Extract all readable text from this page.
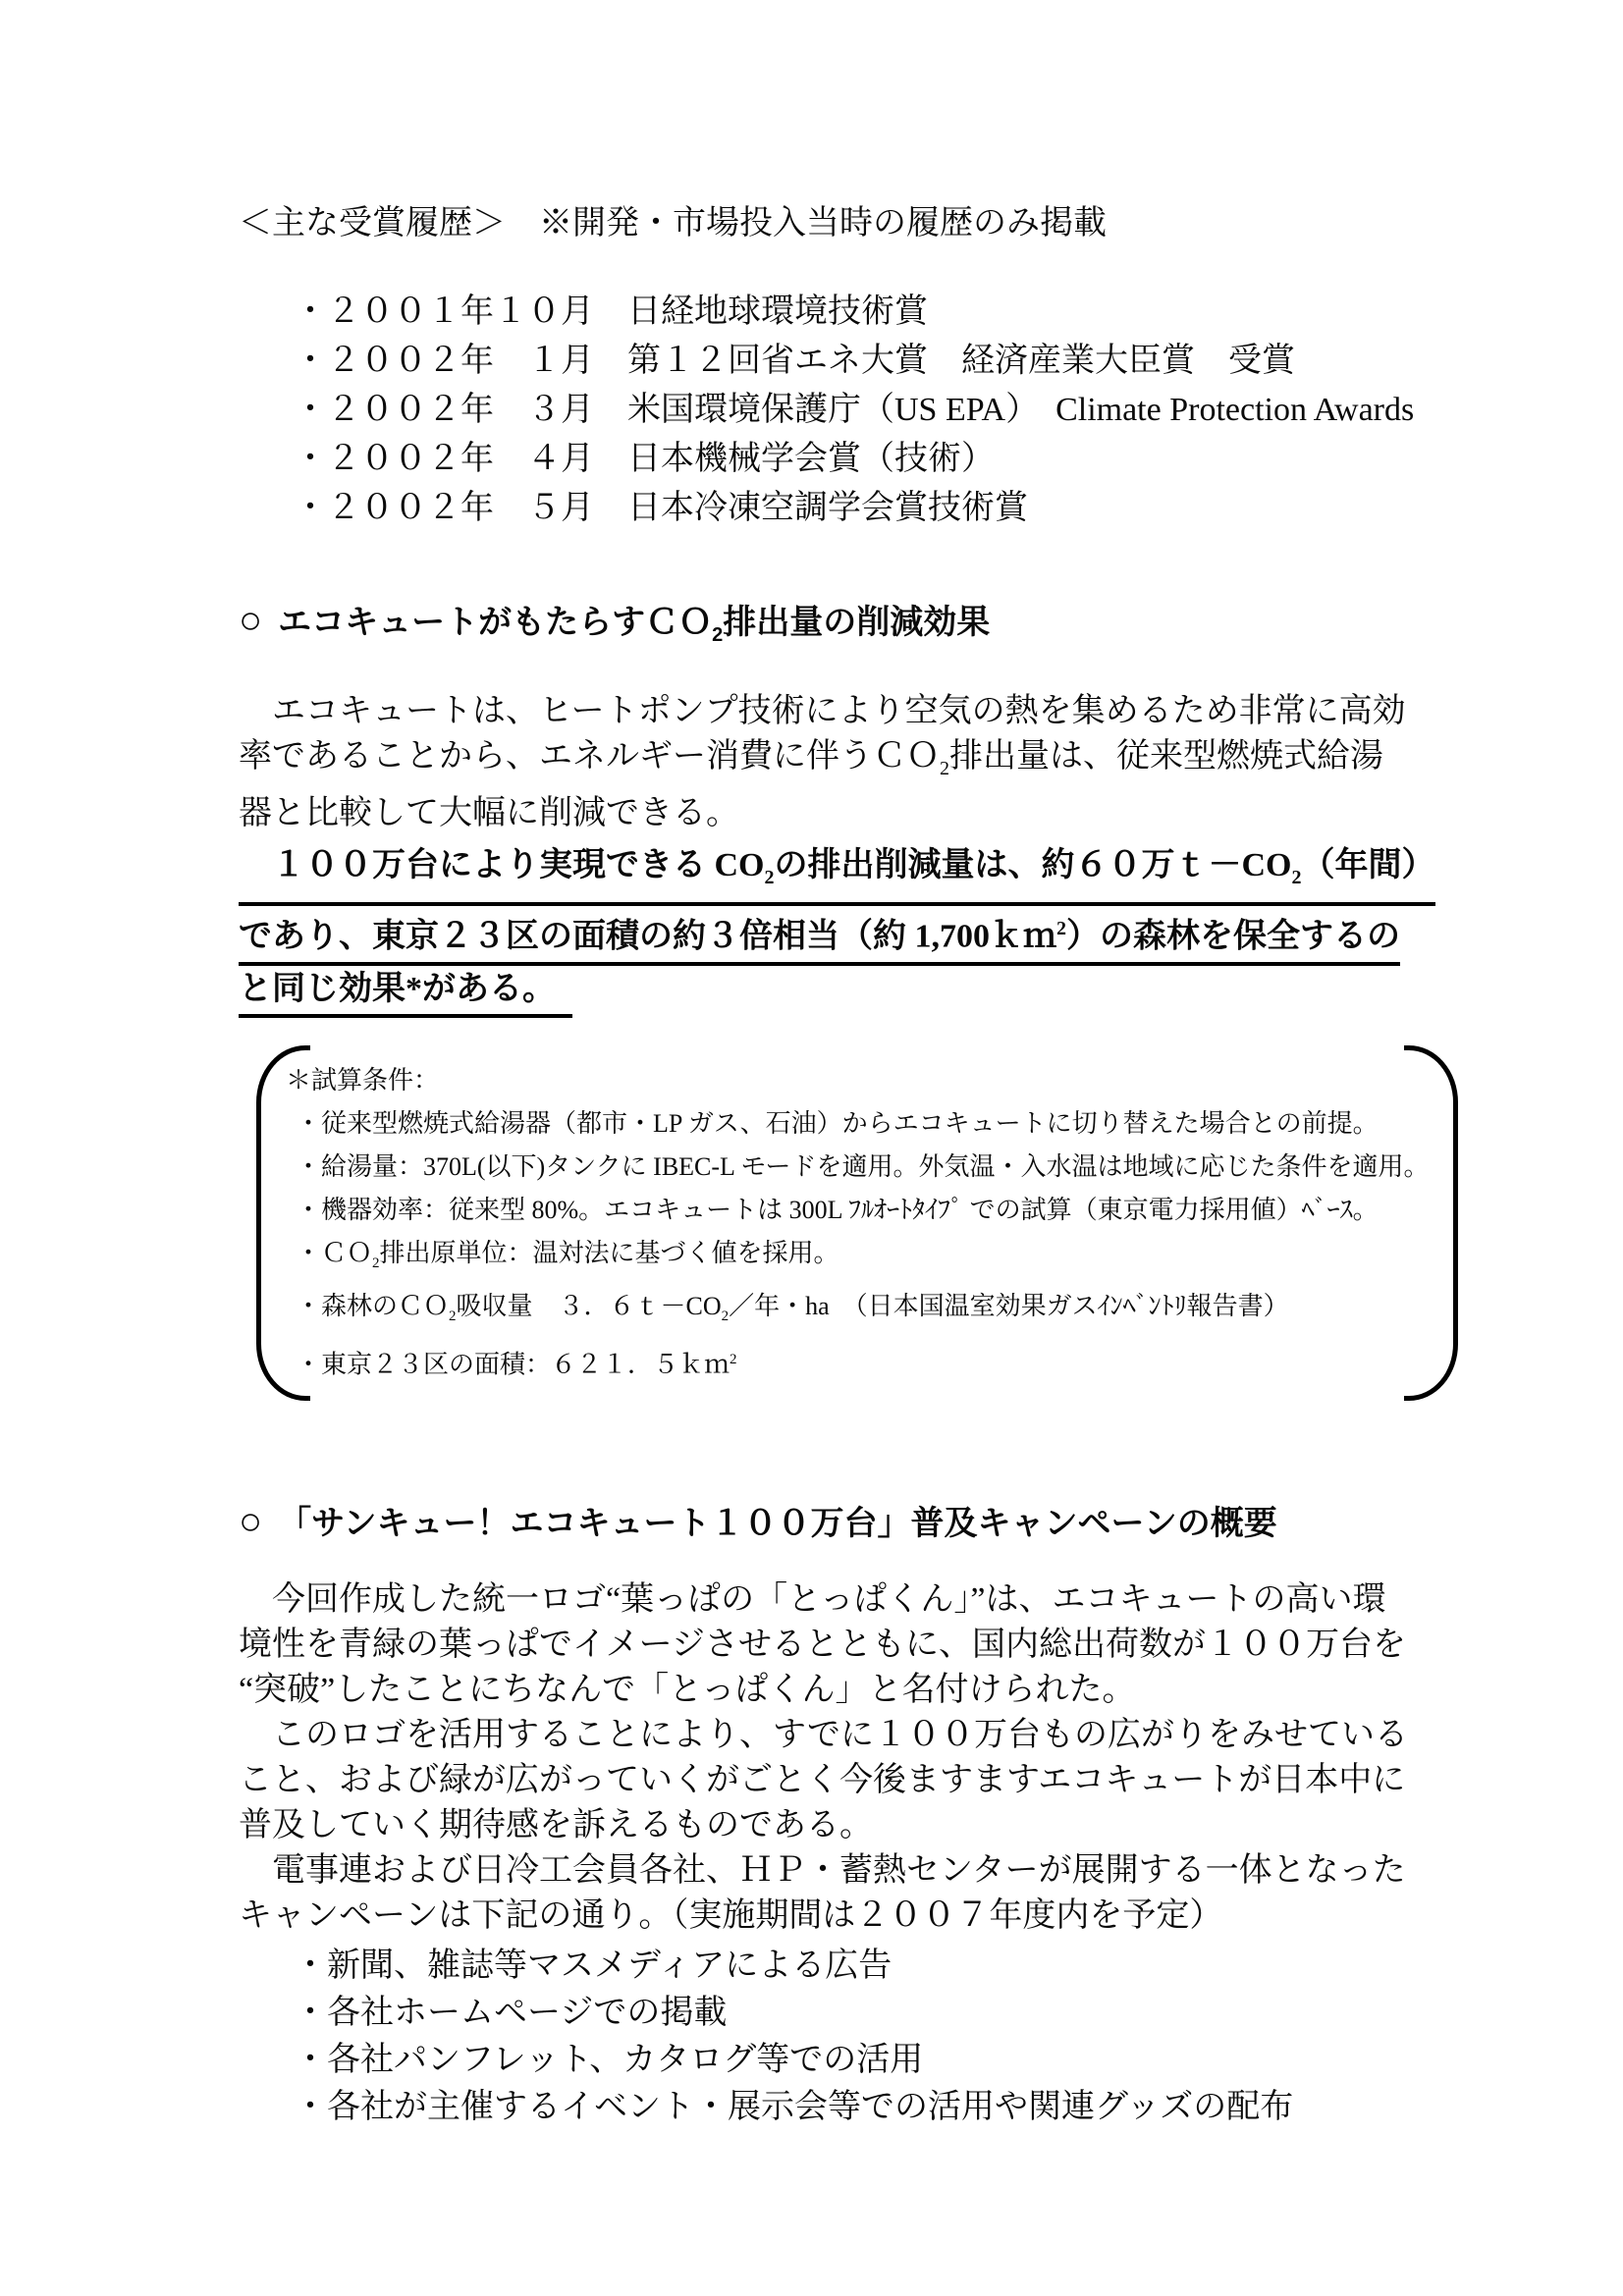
＜主な受賞履歴＞　※開発・市場投入当時の履歴のみ掲載

・２００１年１０月　日経地球環境技術賞
・２００２年　１月　第１２回省エネ大賞　経済産業大臣賞　受賞
・２００２年　３月　米国環境保護庁（US EPA）　Climate Protection Awards
・２００２年　４月　日本機械学会賞（技術）
・２００２年　５月　日本冷凍空調学会賞技術賞
○ エコキュートがもたらすＣＯ$_2$排出量の削減効果
　エコキュートは、ヒートポンプ技術により空気の熱を集めるため非常に高効
率であることから、エネルギー消費に伴うＣＯ$_2$排出量は、従来型燃焼式給湯
器と比較して大幅に削減できる。
　１００万台により実現できる $CO_2$の排出削減量は、約６０万$t-CO_2$（年間）
であり、東京２３区の面積の約３倍相当（約 1,700ｋｍ$^2$）の森林を保全するの
と同じ効果*がある。　
＊試算条件：
・従来型燃焼式給湯器（都市・LP ガス、石油）からエコキュートに切り替えた場合との前提。
・給湯量：370L(以下)タンクに IBEC-L モードを適用。外気温・入水温は地域に応じた条件を適用。
・機器効率：従来型 80%。エコキュートは 300L ﾌﾙｵｰﾄﾀｲﾌﾟ での試算（東京電力採用値）ﾍﾞｰｽ。
・ＣＯ$_2$排出原単位：温対法に基づく値を採用。
・森林のＣＯ$_2$吸収量　３．$6t-CO_2/$年・ha　（日本国温室効果ガスｲﾝﾍﾞﾝﾄﾘ報告書）
・東京２３区の面積：６２１．５ｋｍ$^2$
○ 「サンキュー！エコキュート１００万台」普及キャンペーンの概要
　今回作成した統一ロゴ“葉っぱの「とっぱくん」”は、エコキュートの高い環
境性を青緑の葉っぱでイメージさせるとともに、国内総出荷数が１００万台を
“突破”したことにちなんで「とっぱくん」と名付けられた。
　このロゴを活用することにより、すでに１００万台もの広がりをみせている
こと、および緑が広がっていくがごとく今後ますますエコキュートが日本中に
普及していく期待感を訴えるものである。
　電事連および日冷工会員各社、ＨＰ・蓄熱センターが展開する一体となった
キャンペーンは下記の通り。（実施期間は２００７年度内を予定）
・新聞、雑誌等マスメディアによる広告
・各社ホームページでの掲載
・各社パンフレット、カタログ等での活用
・各社が主催するイベント・展示会等での活用や関連グッズの配布
